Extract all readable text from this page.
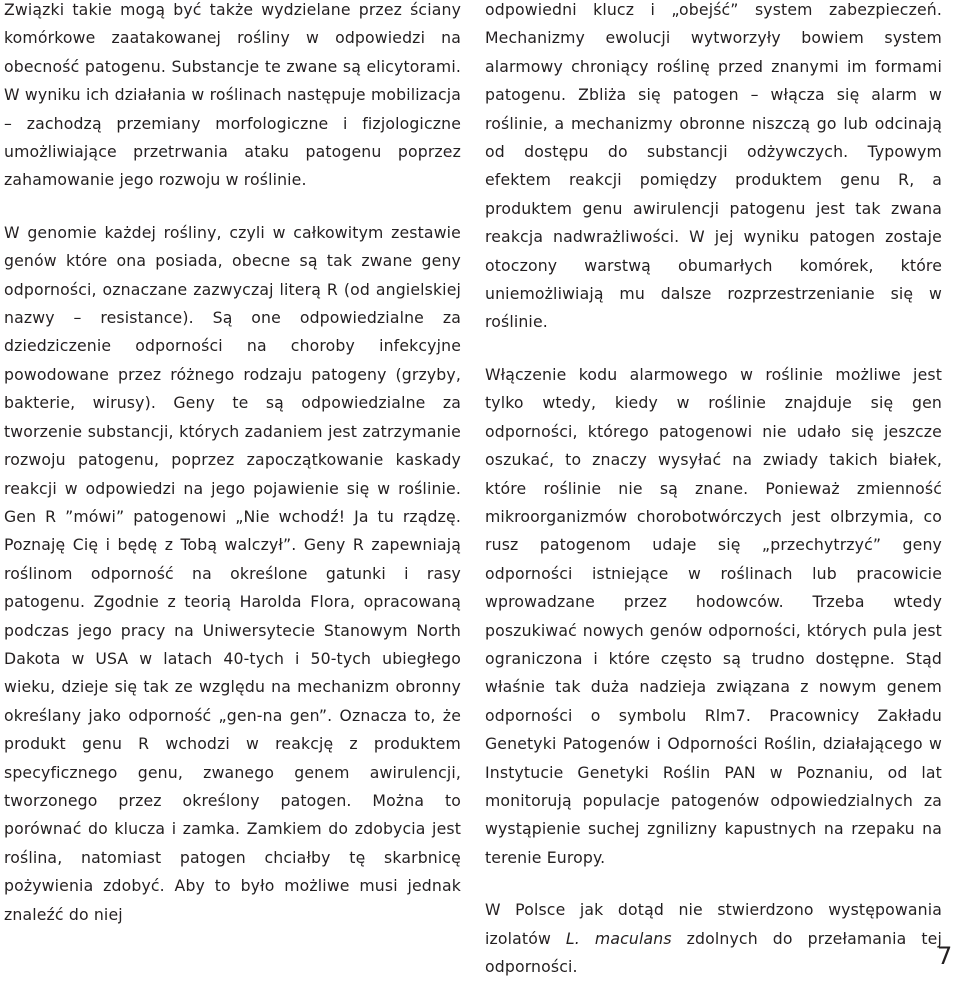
Związki takie mogą być także wydzielane przez ściany komórkowe zaatakowanej rośliny w odpowiedzi na obecność patogenu. Substancje te zwane są elicytorami. W wyniku ich działania w roślinach następuje mobilizacja – zachodzą przemiany morfologiczne i fizjologiczne umożliwiające przetrwania ataku patogenu poprzez zahamowanie jego rozwoju w roślinie.

W genomie każdej rośliny, czyli w całkowitym zestawie genów które ona posiada, obecne są tak zwane geny odporności, oznaczane zazwyczaj literą R (od angielskiej nazwy – resistance). Są one odpowiedzialne za dziedziczenie odporności na choroby infekcyjne powodowane przez różnego rodzaju patogeny (grzyby, bakterie, wirusy). Geny te są odpowiedzialne za tworzenie substancji, których zadaniem jest zatrzymanie rozwoju patogenu, poprzez zapoczątkowanie kaskady reakcji w odpowiedzi na jego pojawienie się w roślinie. Gen R ”mówi” patogenowi „Nie wchodź! Ja tu rządzę. Poznaję Cię i będę z Tobą walczył”. Geny R zapewniają roślinom odporność na określone gatunki i rasy patogenu. Zgodnie z teorią Harolda Flora, opracowaną podczas jego pracy na Uniwersytecie Stanowym North Dakota w USA w latach 40-tych i 50-tych ubiegłego wieku, dzieje się tak ze względu na mechanizm obronny określany jako odporność „gen-na gen”. Oznacza to, że produkt genu R wchodzi w reakcję z produktem specyficznego genu, zwanego genem awirulencji, tworzonego przez określony patogen. Można to porównać do klucza i zamka. Zamkiem do zdobycia jest roślina, natomiast patogen chciałby tę skarbnicę pożywienia zdobyć. Aby to było możliwe musi jednak znaleźć do niej

odpowiedni klucz i „obejść” system zabezpieczeń. Mechanizmy ewolucji wytworzyły bowiem system alarmowy chroniący roślinę przed znanymi im formami patogenu. Zbliża się patogen – włącza się alarm w roślinie, a mechanizmy obronne niszczą go lub odcinają od dostępu do substancji odżywczych. Typowym efektem reakcji pomiędzy produktem genu R, a produktem genu awirulencji patogenu jest tak zwana reakcja nadwrażliwości. W jej wyniku patogen zostaje otoczony warstwą obumarłych komórek, które uniemożliwiają mu dalsze rozprzestrzenianie się w roślinie.

Włączenie kodu alarmowego w roślinie możliwe jest tylko wtedy, kiedy w roślinie znajduje się gen odporności, którego patogenowi nie udało się jeszcze oszukać, to znaczy wysyłać na zwiady takich białek, które roślinie nie są znane. Ponieważ zmienność mikroorganizmów chorobotwórczych jest olbrzymia, co rusz patogenom udaje się „przechytrzyć” geny odporności istniejące w roślinach lub pracowicie wprowadzane przez hodowców. Trzeba wtedy poszukiwać nowych genów odporności, których pula jest ograniczona i które często są trudno dostępne. Stąd właśnie tak duża nadzieja związana z nowym genem odporności o symbolu Rlm7. Pracownicy Zakładu Genetyki Patogenów i Odporności Roślin, działającego w Instytucie Genetyki Roślin PAN w Poznaniu, od lat monitorują populacje patogenów odpowiedzialnych za wystąpienie suchej zgnilizny kapustnych na rzepaku na terenie Europy.

W Polsce jak dotąd nie stwierdzono występowania izolatów L. maculans zdolnych do przełamania tej odporności.	7
